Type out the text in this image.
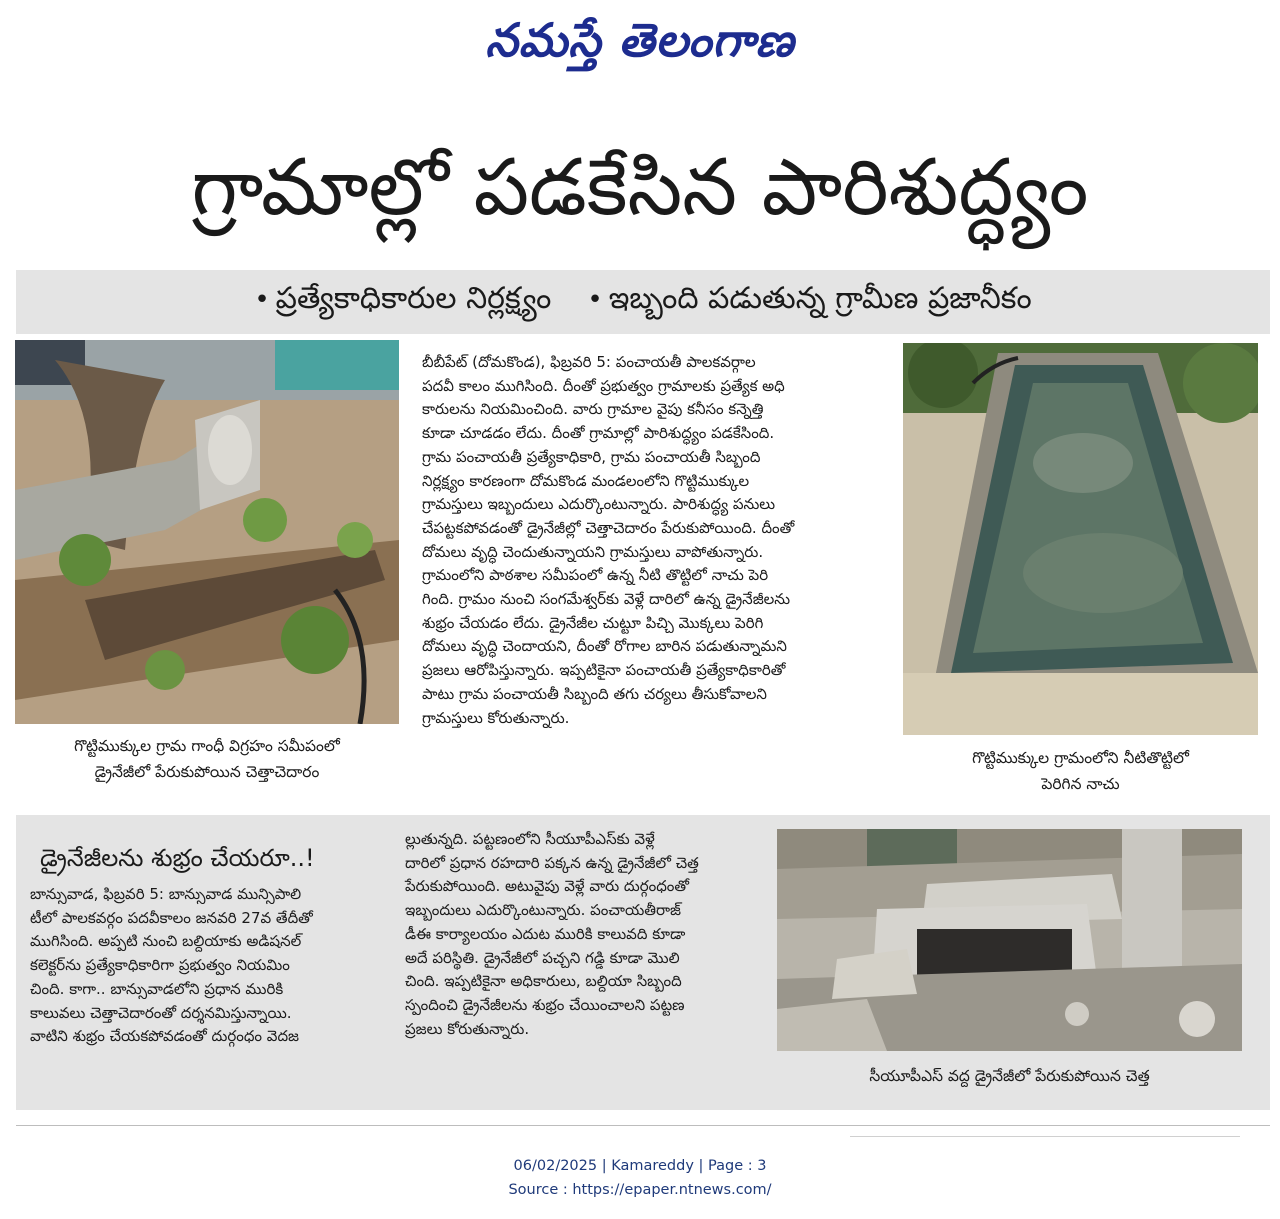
నమస్తే తెలంగాణ
గ్రామాల్లో పడకేసిన పారిశుద్ధ్యం
• ప్రత్యేకాధికారుల నిర్లక్ష్యం • ఇబ్బంది పడుతున్న గ్రామీణ ప్రజానీకం
గొట్టిముక్కుల గ్రామ గాంధీ విగ్రహం సమీపంలో
డ్రైనేజీలో పేరుకుపోయిన చెత్తాచెదారం
బీబీపేట్ (దోమకొండ), ఫిబ్రవరి 5: పంచాయతీ పాలకవర్గాల
పదవీ కాలం ముగిసింది. దీంతో ప్రభుత్వం గ్రామాలకు ప్రత్యేక అధి
కారులను నియమించింది. వారు గ్రామాల వైపు కనీసం కన్నెత్తి
కూడా చూడడం లేదు. దీంతో గ్రామాల్లో పారిశుద్ధ్యం పడకేసింది.
గ్రామ పంచాయతీ ప్రత్యేకాధికారి, గ్రామ పంచాయతీ సిబ్బంది
నిర్లక్ష్యం కారణంగా దోమకొండ మండలంలోని గొట్టిముక్కుల
గ్రామస్తులు ఇబ్బందులు ఎదుర్కొంటున్నారు. పారిశుద్ధ్య పనులు
చేపట్టకపోవడంతో డ్రైనేజీల్లో చెత్తాచెదారం పేరుకుపోయింది. దీంతో
దోమలు వృద్ధి చెందుతున్నాయని గ్రామస్తులు వాపోతున్నారు.
గ్రామంలోని పాఠశాల సమీపంలో ఉన్న నీటి తొట్టిలో నాచు పెరి
గింది. గ్రామం నుంచి సంగమేశ్వర్‌కు వెళ్లే దారిలో ఉన్న డ్రైనేజీలను
శుభ్రం చేయడం లేదు. డ్రైనేజీల చుట్టూ పిచ్చి మొక్కలు పెరిగి
దోమలు వృద్ధి చెందాయని, దీంతో రోగాల బారిన పడుతున్నామని
ప్రజలు ఆరోపిస్తున్నారు. ఇప్పటికైనా పంచాయతీ ప్రత్యేకాధికారితో
పాటు గ్రామ పంచాయతీ సిబ్బంది తగు చర్యలు తీసుకోవాలని
గ్రామస్తులు కోరుతున్నారు.
గొట్టిముక్కుల గ్రామంలోని నీటితొట్టిలో
పెరిగిన నాచు
డ్రైనేజీలను శుభ్రం చేయరూ..!
బాన్సువాడ, ఫిబ్రవరి 5: బాన్సువాడ మున్సిపాలి
టీలో పాలకవర్గం పదవీకాలం జనవరి 27వ తేదీతో
ముగిసింది. అప్పటి నుంచి బల్దియాకు అడిషనల్
కలెక్టర్‌ను ప్రత్యేకాధికారిగా ప్రభుత్వం నియమిం
చింది. కాగా.. బాన్సువాడలోని ప్రధాన మురికి
కాలువలు చెత్తాచెదారంతో దర్శనమిస్తున్నాయి.
వాటిని శుభ్రం చేయకపోవడంతో దుర్గంధం వెదజ
ల్లుతున్నది. పట్టణంలోని సీయూపీఎస్‌కు వెళ్లే
దారిలో ప్రధాన రహదారి పక్కన ఉన్న డ్రైనేజీలో చెత్త
పేరుకుపోయింది. అటువైపు వెళ్లే వారు దుర్గంధంతో
ఇబ్బందులు ఎదుర్కొంటున్నారు. పంచాయతీరాజ్
డీఈ కార్యాలయం ఎదుట మురికి కాలువది కూడా
అదే పరిస్థితి. డ్రైనేజీలో పచ్చని గడ్డి కూడా మొలి
చింది. ఇప్పటికైనా అధికారులు, బల్దియా సిబ్బంది
స్పందించి డ్రైనేజీలను శుభ్రం చేయించాలని పట్టణ
ప్రజలు కోరుతున్నారు.
సీయూపీఎస్ వద్ద డ్రైనేజీలో పేరుకుపోయిన చెత్త
06/02/2025 | Kamareddy | Page : 3
Source : https://epaper.ntnews.com/
